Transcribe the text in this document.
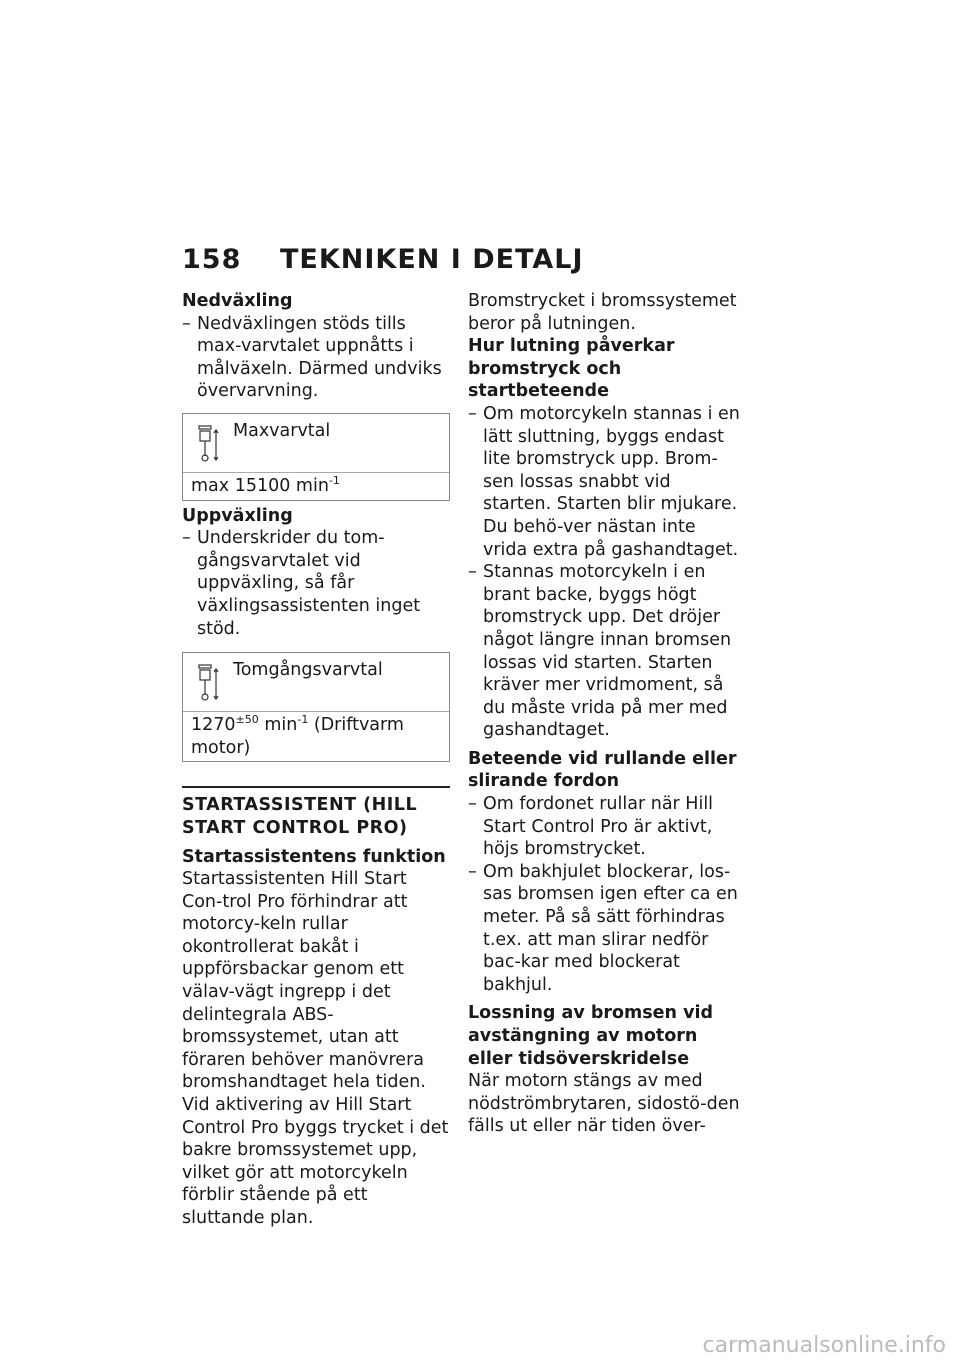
158 TEKNIKEN I DETALJ

Nedväxling

– Nedväxlingen stöds tills max-varvtalet uppnåtts i målväxeln. Därmed undviks övervarvning.
Maxvarvtal
max 15100 $\min^{-1}$

Uppväxling

– Underskrider du tom-gångsvarvtalet vid uppväxling, så får växlingsassistenten inget stöd.
Tomgångsvarvtal
$1270^{\pm 50}$ $\min^{-1}$ (Driftvarm motor)

STARTASSISTENT (HILL START CONTROL PRO)

Startassistentens funktion

Startassistenten Hill Start Con-trol Pro förhindrar att motorcy-keln rullar okontrollerat bakåt i uppförsbackar genom ett välav-vägt ingrepp i det delintegrala ABS-bromssystemet, utan att föraren behöver manövrera bromshandtaget hela tiden. Vid aktivering av Hill Start Control Pro byggs trycket i det bakre bromssystemet upp, vilket gör att motorcykeln förblir stående på ett sluttande plan.

Bromstrycket i bromssystemet beror på lutningen.

Hur lutning påverkar bromstryck och startbeteende

– Om motorcykeln stannas i en lätt sluttning, byggs endast lite bromstryck upp. Brom-sen lossas snabbt vid starten. Starten blir mjukare. Du behö-ver nästan inte vrida extra på gashandtaget.
– Stannas motorcykeln i en brant backe, byggs högt bromstryck upp. Det dröjer något längre innan bromsen lossas vid starten. Starten kräver mer vridmoment, så du måste vrida på mer med gashandtaget.

Beteende vid rullande eller slirande fordon

– Om fordonet rullar när Hill Start Control Pro är aktivt, höjs bromstrycket.
– Om bakhjulet blockerar, los-sas bromsen igen efter ca en meter. På så sätt förhindras t.ex. att man slirar nedför bac-kar med blockerat bakhjul.

Lossning av bromsen vid avstängning av motorn eller tidsöverskridelse

När motorn stängs av med nödströmbrytaren, sidostö-den fälls ut eller när tiden över-

carmanualsonline.info
